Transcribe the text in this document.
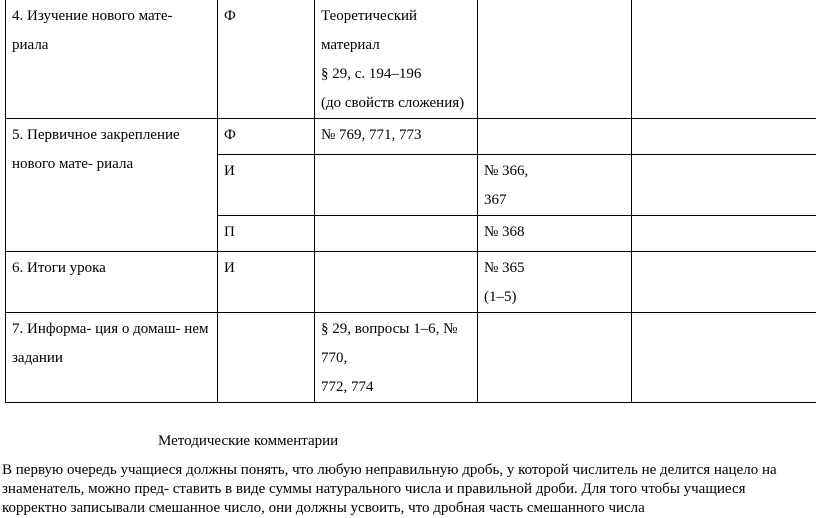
4. Изучение нового мате- риала	Ф	Теоретический
материал
§ 29, с. 194–196
(до свойств сложения)		
5. Первичное закрепление нового мате- риала	Ф	№ 769, 771, 773		
	И		№ 366,
367	
	П		№ 368	
6. Итоги урока	И		№ 365
(1–5)	
7. Информа- ция о домаш- нем задании		§ 29, вопросы 1–6, №
770,
772, 774		
Методические комментарии

В первую очередь учащиеся должны понять, что любую неправильную дробь, у которой числитель не делится нацело на знаменатель, можно пред- ставить в виде суммы натурального числа и правильной дроби. Для того чтобы учащиеся корректно записывали смешанное число, они должны усвоить, что дробная часть смешанного числа
